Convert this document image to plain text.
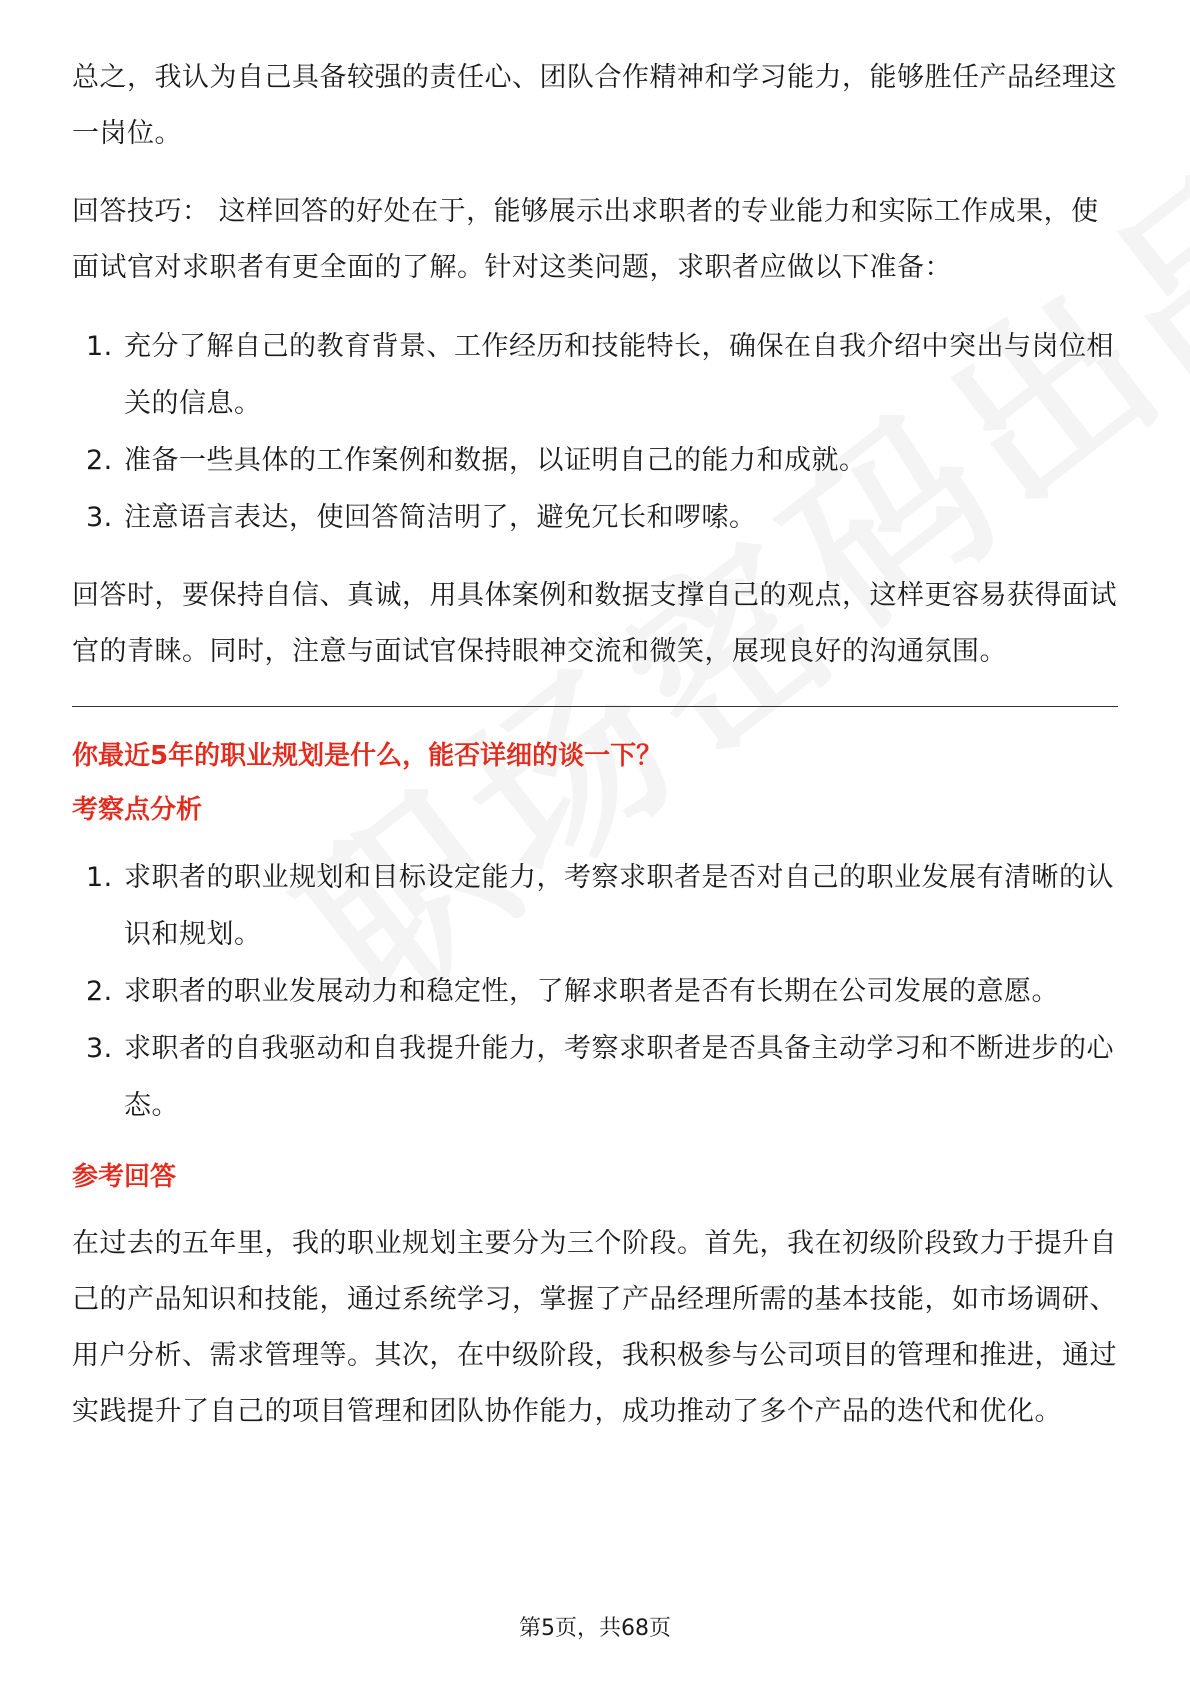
总之，我认为自己具备较强的责任心、团队合作精神和学习能力，能够胜任产品经理这一岗位。

回答技巧： 这样回答的好处在于，能够展示出求职者的专业能力和实际工作成果，使面试官对求职者有更全面的了解。针对这类问题，求职者应做以下准备：

1. 充分了解自己的教育背景、工作经历和技能特长，确保在自我介绍中突出与岗位相关的信息。
2. 准备一些具体的工作案例和数据，以证明自己的能力和成就。
3. 注意语言表达，使回答简洁明了，避免冗长和啰嗦。

回答时，要保持自信、真诚，用具体案例和数据支撑自己的观点，这样更容易获得面试官的青睐。同时，注意与面试官保持眼神交流和微笑，展现良好的沟通氛围。

你最近5年的职业规划是什么，能否详细的谈一下？

考察点分析

1. 求职者的职业规划和目标设定能力，考察求职者是否对自己的职业发展有清晰的认识和规划。
2. 求职者的职业发展动力和稳定性，了解求职者是否有长期在公司发展的意愿。
3. 求职者的自我驱动和自我提升能力，考察求职者是否具备主动学习和不断进步的心态。

参考回答

在过去的五年里，我的职业规划主要分为三个阶段。首先，我在初级阶段致力于提升自己的产品知识和技能，通过系统学习，掌握了产品经理所需的基本技能，如市场调研、用户分析、需求管理等。其次，在中级阶段，我积极参与公司项目的管理和推进，通过实践提升了自己的项目管理和团队协作能力，成功推动了多个产品的迭代和优化。

第5页，共68页
